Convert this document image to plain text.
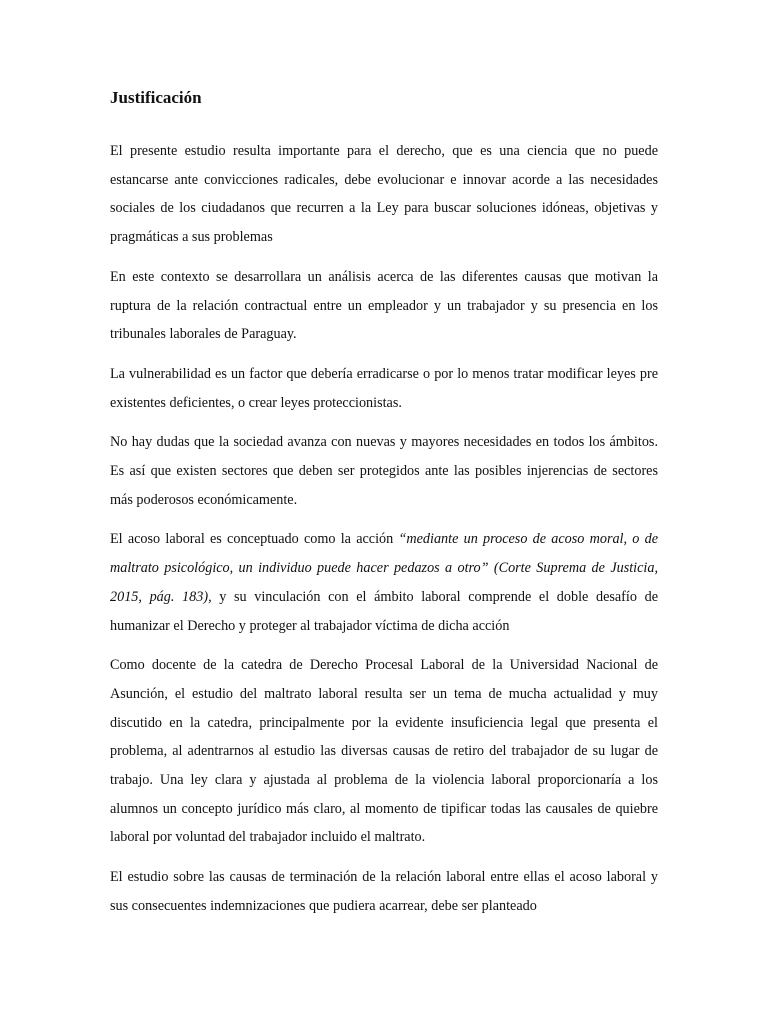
Justificación

El presente estudio resulta importante para el derecho, que es una ciencia que no puede estancarse ante convicciones radicales, debe evolucionar e innovar acorde a las necesidades sociales de los ciudadanos que recurren a la Ley para buscar soluciones idóneas, objetivas y pragmáticas a sus problemas

En este contexto se desarrollara un análisis acerca de las diferentes causas que motivan la ruptura de la relación contractual entre un empleador y un trabajador y su presencia en los tribunales laborales de Paraguay.

La vulnerabilidad es un factor que debería erradicarse o por lo menos tratar modificar leyes pre existentes deficientes, o crear leyes proteccionistas.

No hay dudas que la sociedad avanza con nuevas y mayores necesidades en todos los ámbitos. Es así que existen sectores que deben ser protegidos ante las posibles injerencias de sectores más poderosos económicamente.

El acoso laboral es conceptuado como la acción “mediante un proceso de acoso moral, o de maltrato psicológico, un individuo puede hacer pedazos a otro” (Corte Suprema de Justicia, 2015, pág. 183), y su vinculación con el ámbito laboral comprende el doble desafío de humanizar el Derecho y proteger al trabajador víctima de dicha acción

Como docente de la catedra de Derecho Procesal Laboral de la Universidad Nacional de Asunción, el estudio del maltrato laboral resulta ser un tema de mucha actualidad y muy discutido en la catedra, principalmente por la evidente insuficiencia legal que presenta el problema, al adentrarnos al estudio las diversas causas de retiro del trabajador de su lugar de trabajo. Una ley clara y ajustada al problema de la violencia laboral proporcionaría a los alumnos un concepto jurídico más claro, al momento de tipificar todas las causales de quiebre laboral por voluntad del trabajador incluido el maltrato.

El estudio sobre las causas de terminación de la relación laboral entre ellas el acoso laboral y sus consecuentes indemnizaciones que pudiera acarrear, debe ser planteado
